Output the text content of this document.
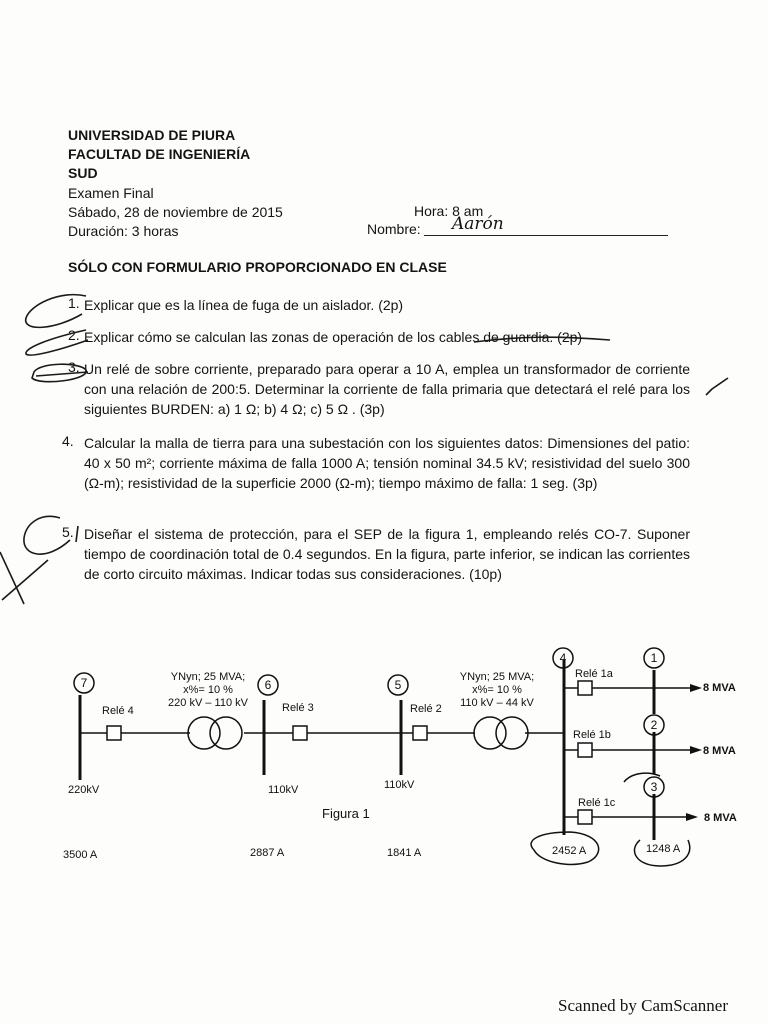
UNIVERSIDAD DE PIURA
FACULTAD DE INGENIERÍA
SUD
Examen Final
Sábado, 28 de noviembre de 2015
Duración: 3 horas
Hora: 8 am
Nombre: Aarón
SÓLO CON FORMULARIO PROPORCIONADO EN CLASE
1. Explicar que es la línea de fuga de un aislador. (2p)
2. Explicar cómo se calculan las zonas de operación de los cables de guardia. (2p)
3. Un relé de sobre corriente, preparado para operar a 10 A, emplea un transformador de corriente con una relación de 200:5. Determinar la corriente de falla primaria que detectará el relé para los siguientes BURDEN: a) 1 Ω; b) 4 Ω; c) 5 Ω . (3p)
4. Calcular la malla de tierra para una subestación con los siguientes datos: Dimensiones del patio: 40 x 50 m²; corriente máxima de falla 1000 A; tensión nominal 34.5 kV; resistividad del suelo 300 (Ω-m); resistividad de la superficie 2000 (Ω-m); tiempo máximo de falla: 1 seg. (3p)
5. Diseñar el sistema de protección, para el SEP de la figura 1, empleando relés CO-7. Suponer tiempo de coordinación total de 0.4 segundos. En la figura, parte inferior, se indican las corrientes de corto circuito máximas. Indicar todas sus consideraciones. (10p)
7	6	5
4	1
2
3
YNyn; 25 MVA;
x%= 10 %
220 kV – 110 kV
YNyn; 25 MVA;
x%= 10 %
110 kV – 44 kV
Relé 4	Relé 3	Relé 2
Relé 1a
Relé 1b
Relé 1c
220kV	110kV	110kV
8 MVA
8 MVA
8 MVA
3500 A	2887 A	1841 A	2452 A	1248 A
Figura 1
Scanned by CamScanner
